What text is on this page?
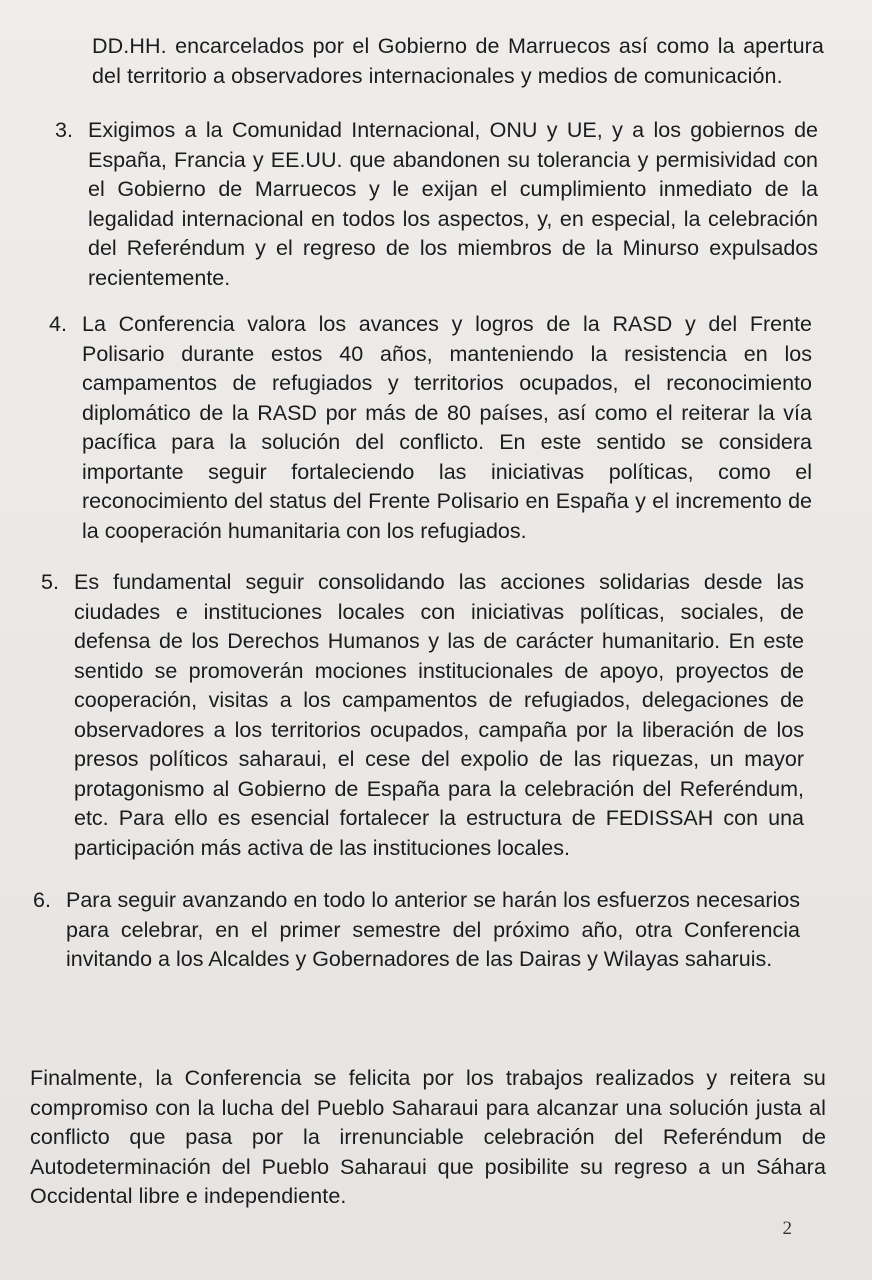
DD.HH. encarcelados por el Gobierno de Marruecos así como la apertura del territorio a observadores internacionales y medios de comunicación.
3. Exigimos a la Comunidad Internacional, ONU y UE, y a los gobiernos de España, Francia y EE.UU. que abandonen su tolerancia y permisividad con el Gobierno de Marruecos y le exijan el cumplimiento inmediato de la legalidad internacional en todos los aspectos, y, en especial, la celebración del Referéndum y el regreso de los miembros de la Minurso expulsados recientemente.
4. La Conferencia valora los avances y logros de la RASD y del Frente Polisario durante estos 40 años, manteniendo la resistencia en los campamentos de refugiados y territorios ocupados, el reconocimiento diplomático de la RASD por más de 80 países, así como el reiterar la vía pacífica para la solución del conflicto. En este sentido se considera importante seguir fortaleciendo las iniciativas políticas, como el reconocimiento del status del Frente Polisario en España y el incremento de la cooperación humanitaria con los refugiados.
5. Es fundamental seguir consolidando las acciones solidarias desde las ciudades e instituciones locales con iniciativas políticas, sociales, de defensa de los Derechos Humanos y las de carácter humanitario. En este sentido se promoverán mociones institucionales de apoyo, proyectos de cooperación, visitas a los campamentos de refugiados, delegaciones de observadores a los territorios ocupados, campaña por la liberación de los presos políticos saharaui, el cese del expolio de las riquezas, un mayor protagonismo al Gobierno de España para la celebración del Referéndum, etc. Para ello es esencial fortalecer la estructura de FEDISSAH con una participación más activa de las instituciones locales.
6. Para seguir avanzando en todo lo anterior se harán los esfuerzos necesarios para celebrar, en el primer semestre del próximo año, otra Conferencia invitando a los Alcaldes y Gobernadores de las Dairas y Wilayas saharuis.
Finalmente, la Conferencia se felicita por los trabajos realizados y reitera su compromiso con la lucha del Pueblo Saharaui para alcanzar una solución justa al conflicto que pasa por la irrenunciable celebración del Referéndum de Autodeterminación del Pueblo Saharaui que posibilite su regreso a un Sáhara Occidental libre e independiente.
2
